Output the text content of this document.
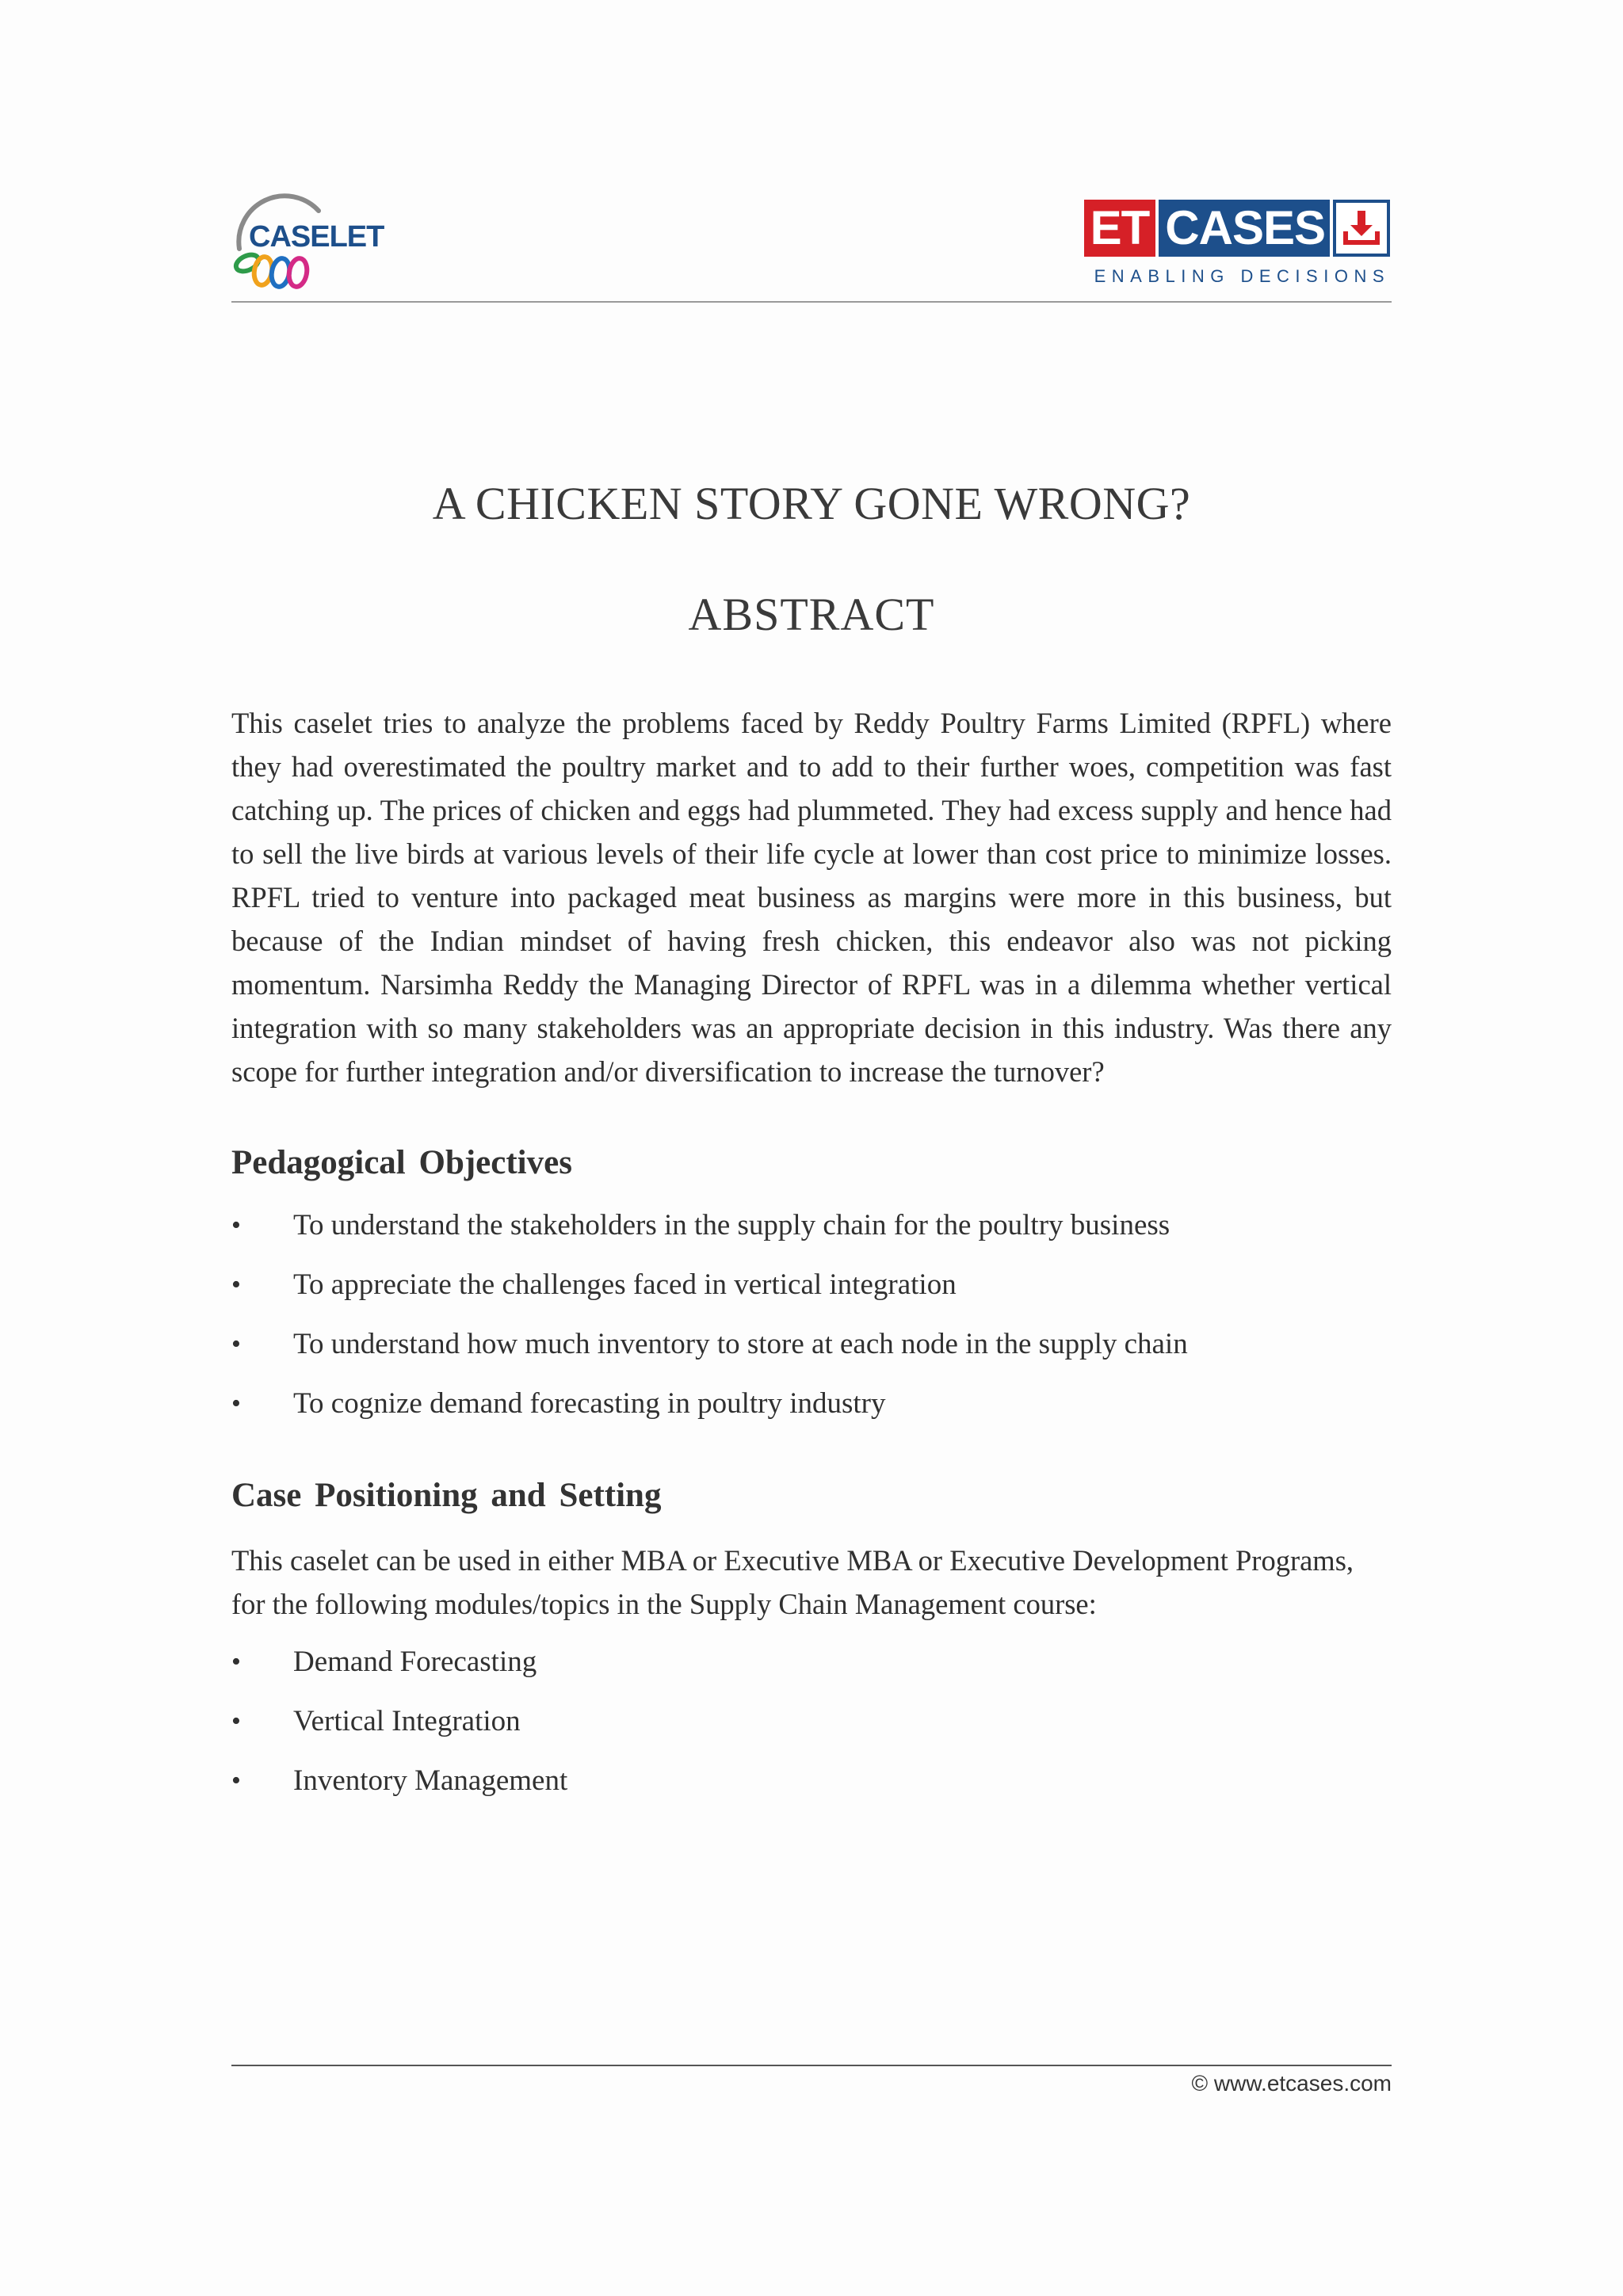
CASELET	ET CASES
ENABLING DECISIONS
A CHICKEN STORY GONE WRONG?
ABSTRACT

This caselet tries to analyze the problems faced by Reddy Poultry Farms Limited (RPFL) where they had overestimated the poultry market and to add to their further woes, competition was fast catching up. The prices of chicken and eggs had plummeted. They had excess supply and hence had to sell the live birds at various levels of their life cycle at lower than cost price to minimize losses. RPFL tried to venture into packaged meat business as margins were more in this business, but because of the Indian mindset of having fresh chicken, this endeavor also was not picking momentum. Narsimha Reddy the Managing Director of RPFL was in a dilemma whether vertical integration with so many stakeholders was an appropriate decision in this industry. Was there any scope for further integration and/or diversification to increase the turnover?

Pedagogical Objectives
• To understand the stakeholders in the supply chain for the poultry business
• To appreciate the challenges faced in vertical integration
• To understand how much inventory to store at each node in the supply chain
• To cognize demand forecasting in poultry industry
Case Positioning and Setting

This caselet can be used in either MBA or Executive MBA or Executive Development Programs, for the following modules/topics in the Supply Chain Management course:

• Demand Forecasting
• Vertical Integration
• Inventory Management
© www.etcases.com
